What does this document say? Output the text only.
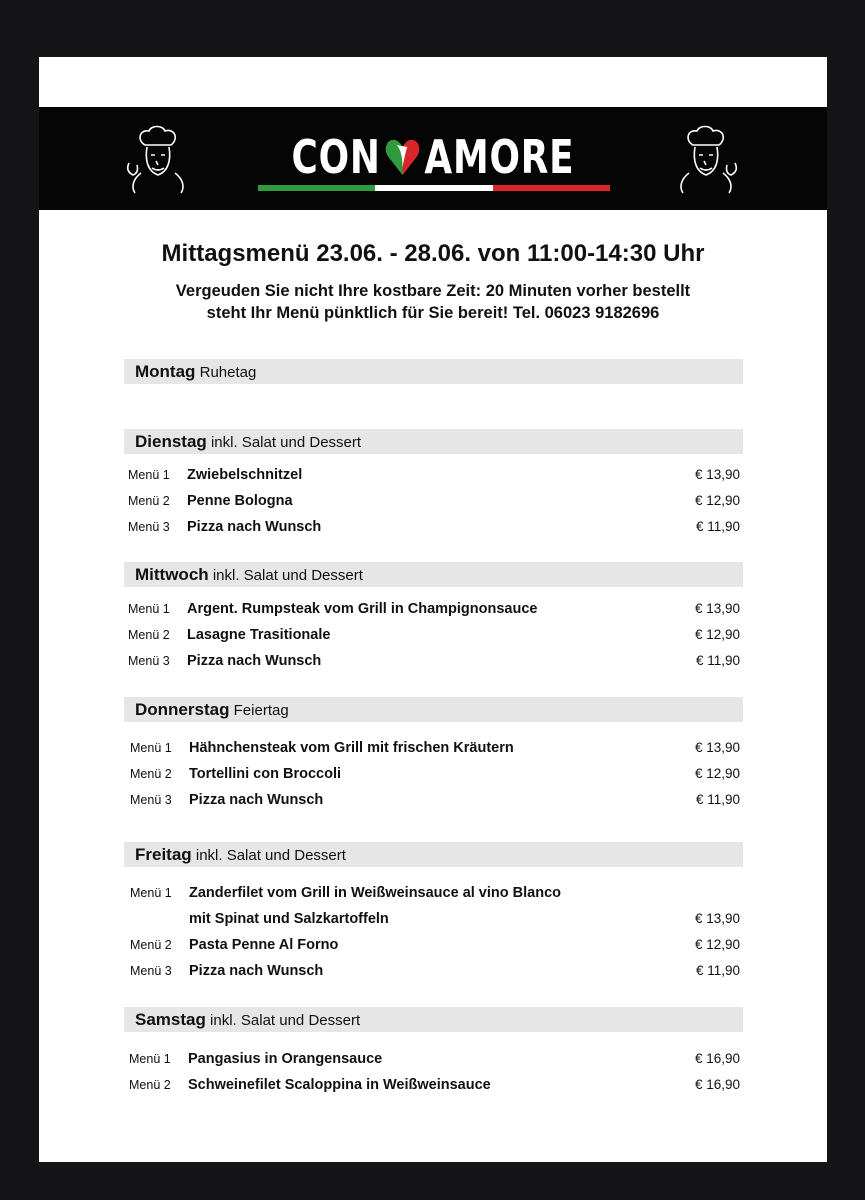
CON AMORE
Mittagsmenü 23.06. - 28.06. von 11:00-14:30 Uhr
Vergeuden Sie nicht Ihre kostbare Zeit: 20 Minuten vorher bestellt
steht Ihr Menü pünktlich für Sie bereit! Tel. 06023 9182696
Montag Ruhetag
Dienstag inkl. Salat und Dessert
Menü 1 Zwiebelschnitzel	€ 13,90
Menü 2 Penne Bologna	€ 12,90
Menü 3 Pizza nach Wunsch	€ 11,90
Mittwoch inkl. Salat und Dessert
Menü 1 Argent. Rumpsteak vom Grill in Champignonsauce	€ 13,90
Menü 2 Lasagne Trasitionale	€ 12,90
Menü 3 Pizza nach Wunsch	€ 11,90
Donnerstag Feiertag
Menü 1 Hähnchensteak vom Grill mit frischen Kräutern	€ 13,90
Menü 2 Tortellini con Broccoli	€ 12,90
Menü 3 Pizza nach Wunsch	€ 11,90
Freitag inkl. Salat und Dessert
Menü 1 Zanderfilet vom Grill in Weißweinsauce al vino Blanco
mit Spinat und Salzkartoffeln	€ 13,90
Menü 2 Pasta Penne Al Forno	€ 12,90
Menü 3 Pizza nach Wunsch	€ 11,90
Samstag inkl. Salat und Dessert
Menü 1 Pangasius in Orangensauce	€ 16,90
Menü 2 Schweinefilet Scaloppina in Weißweinsauce	€ 16,90
